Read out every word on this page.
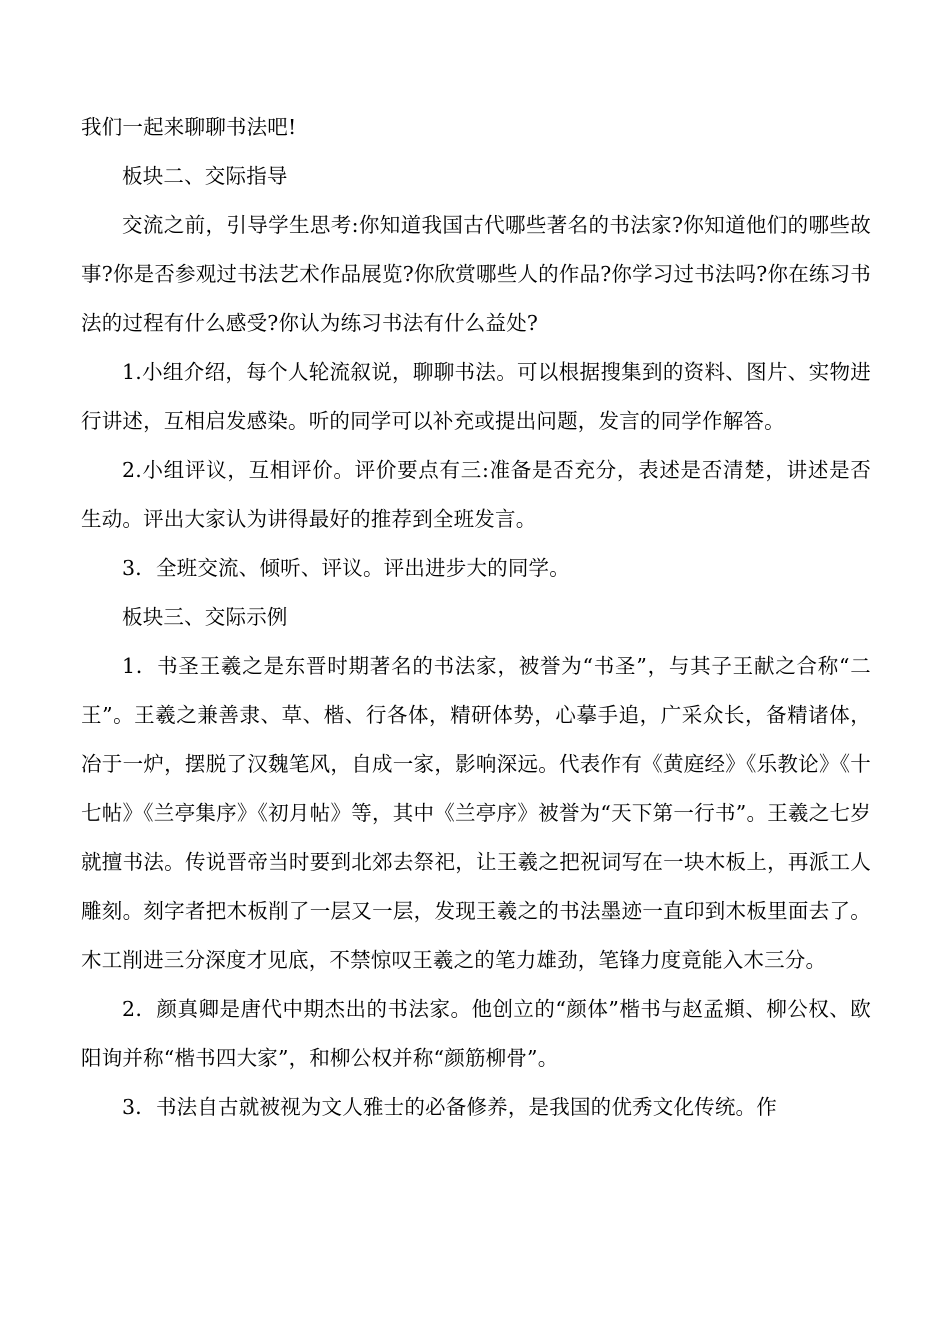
我们一起来聊聊书法吧!

板块二、交际指导

交流之前，引导学生思考:你知道我国古代哪些著名的书法家?你知道他们的哪些故事?你是否参观过书法艺术作品展览?你欣赏哪些人的作品?你学习过书法吗?你在练习书法的过程有什么感受?你认为练习书法有什么益处?

1.小组介绍，每个人轮流叙说，聊聊书法。可以根据搜集到的资料、图片、实物进行讲述，互相启发感染。听的同学可以补充或提出问题，发言的同学作解答。

2.小组评议，互相评价。评价要点有三:准备是否充分，表述是否清楚，讲述是否生动。评出大家认为讲得最好的推荐到全班发言。

3．全班交流、倾听、评议。评出进步大的同学。

板块三、交际示例

1．书圣王羲之是东晋时期著名的书法家，被誉为“书圣”，与其子王献之合称“二王”。王羲之兼善隶、草、楷、行各体，精研体势，心摹手追，广采众长，备精诸体，冶于一炉，摆脱了汉魏笔风，自成一家，影响深远。代表作有《黄庭经》《乐教论》《十七帖》《兰亭集序》《初月帖》等，其中《兰亭序》被誉为“天下第一行书”。王羲之七岁就擅书法。传说晋帝当时要到北郊去祭祀，让王羲之把祝词写在一块木板上，再派工人雕刻。刻字者把木板削了一层又一层，发现王羲之的书法墨迹一直印到木板里面去了。木工削进三分深度才见底，不禁惊叹王羲之的笔力雄劲，笔锋力度竟能入木三分。

2．颜真卿是唐代中期杰出的书法家。他创立的“颜体”楷书与赵孟頫、柳公权、欧阳询并称“楷书四大家”，和柳公权并称“颜筋柳骨”。

3．书法自古就被视为文人雅士的必备修养，是我国的优秀文化传统。作
